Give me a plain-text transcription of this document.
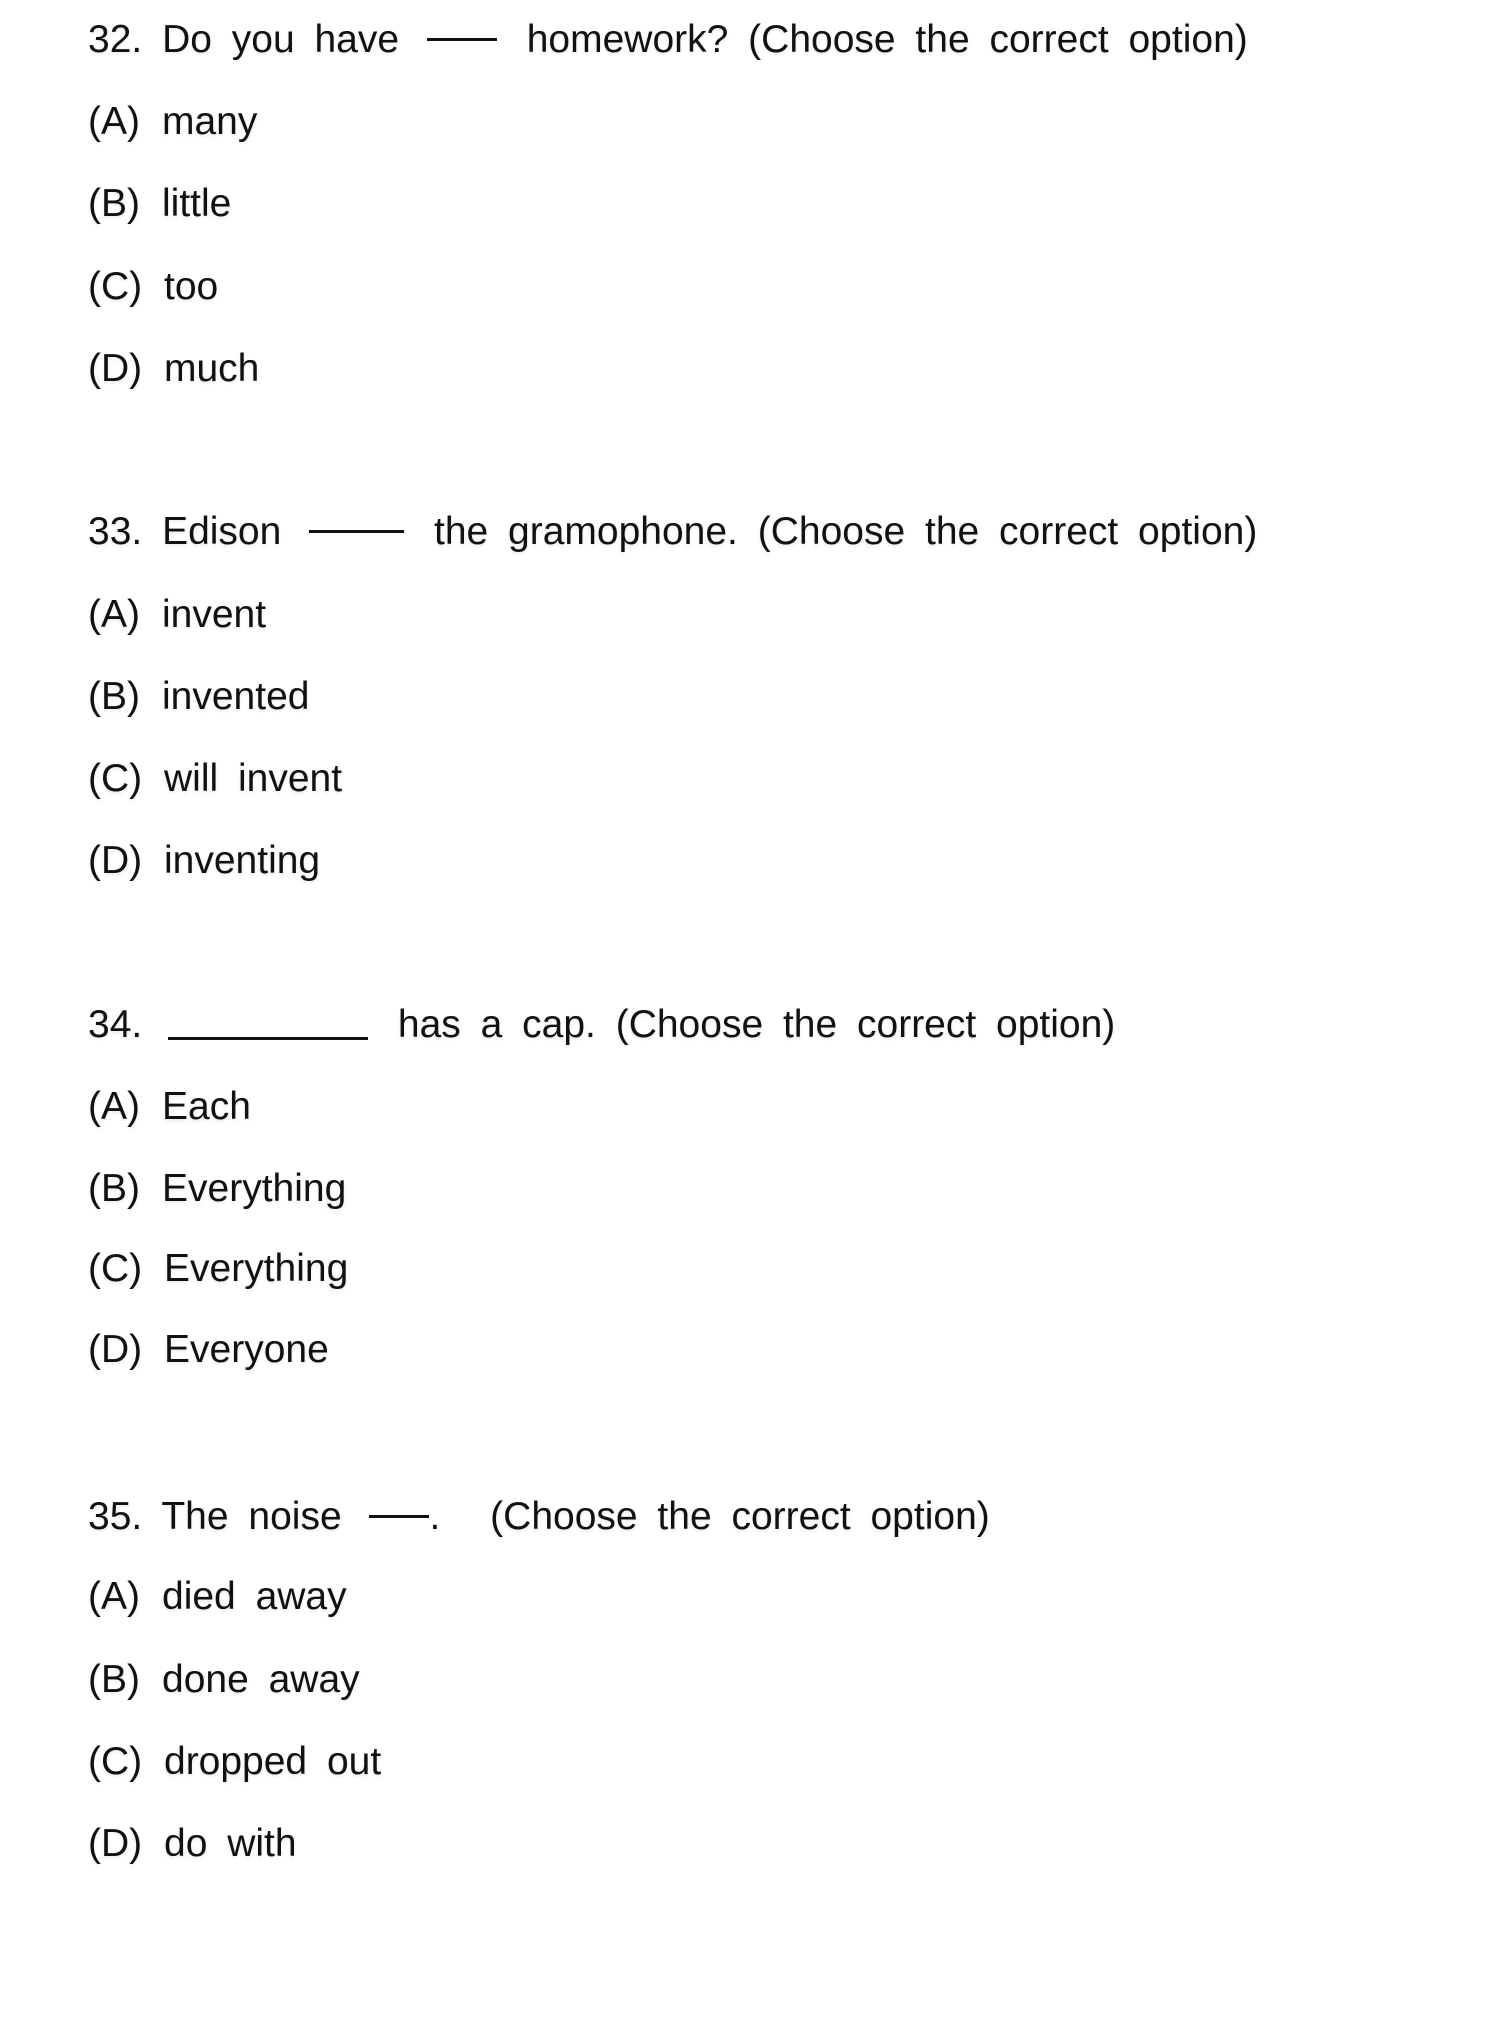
32. Do you have	homework? (Choose the correct option)
(A) many
(B) little
(C) too
(D) much
33. Edison	the gramophone. (Choose the correct option)
(A) invent
(B) invented
(C) will invent
(D) inventing
34.	has a cap. (Choose the correct option)
(A) Each
(B) Everything
(C) Everything
(D) Everyone
35. The noise . (Choose the correct option)
(A) died away
(B) done away
(C) dropped out
(D) do with
